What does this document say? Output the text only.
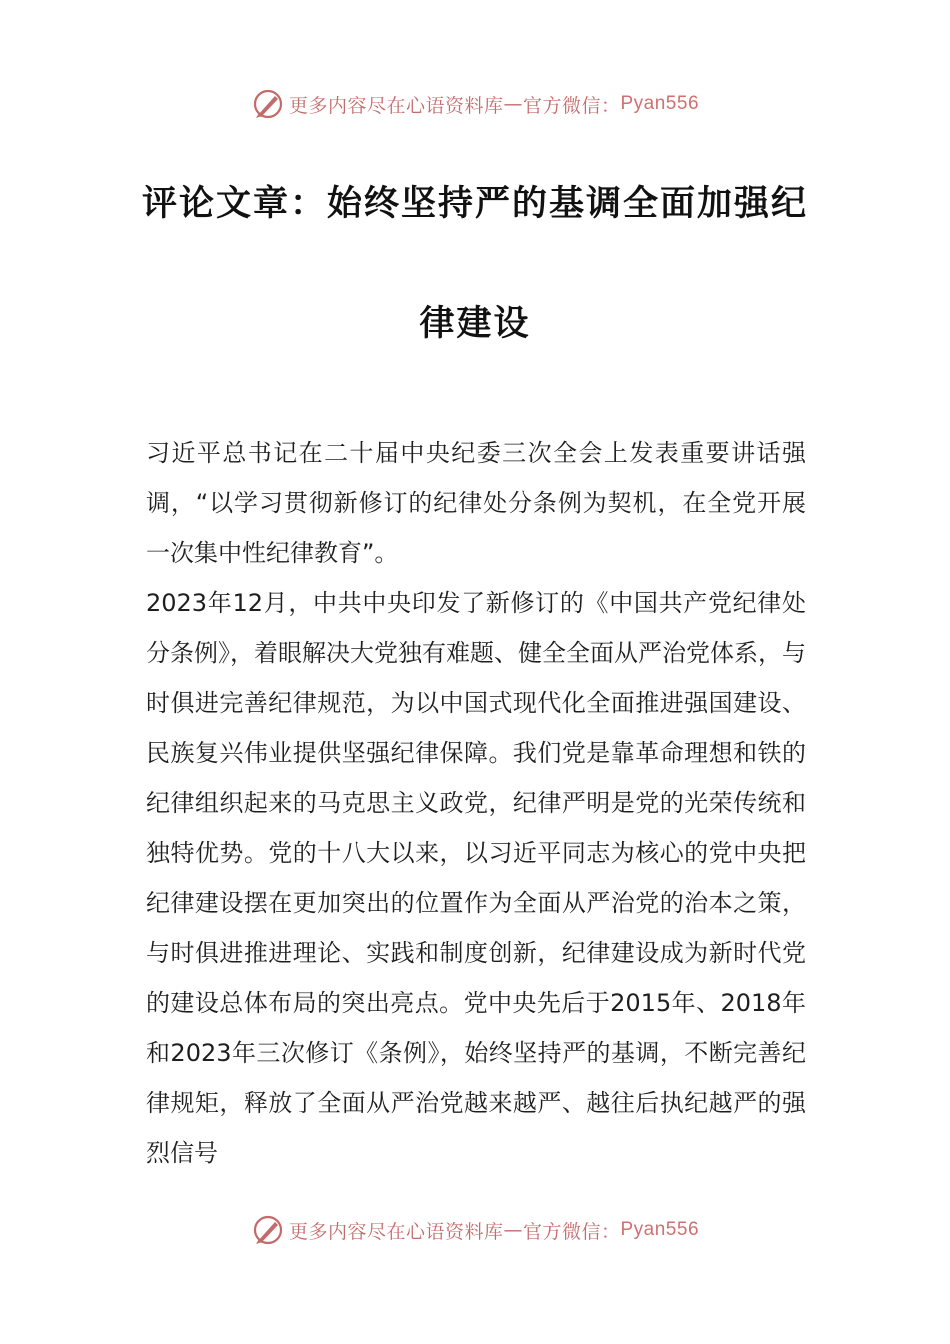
更多内容尽在心语资料库 — 官方微信： Pyan556
评论文章：始终坚持严的基调全面加强纪
律建设

习近平总书记在二十届中央纪委三次全会上发表重要讲话强调，“以学习贯彻新修订的纪律处分条例为契机，在全党开展一次集中性纪律教育”。

2023年12月，中共中央印发了新修订的《中国共产党纪律处分条例》，着眼解决大党独有难题、健全全面从严治党体系，与时俱进完善纪律规范，为以中国式现代化全面推进强国建设、民族复兴伟业提供坚强纪律保障。我们党是靠革命理想和铁的纪律组织起来的马克思主义政党，纪律严明是党的光荣传统和独特优势。党的十八大以来，以习近平同志为核心的党中央把纪律建设摆在更加突出的位置作为全面从严治党的治本之策，与时俱进推进理论、实践和制度创新，纪律建设成为新时代党的建设总体布局的突出亮点。党中央先后于2015年、2018年和2023年三次修订《条例》，始终坚持严的基调，不断完善纪律规矩，释放了全面从严治党越来越严、越往后执纪越严的强烈信号

更多内容尽在心语资料库 — 官方微信： Pyan556
